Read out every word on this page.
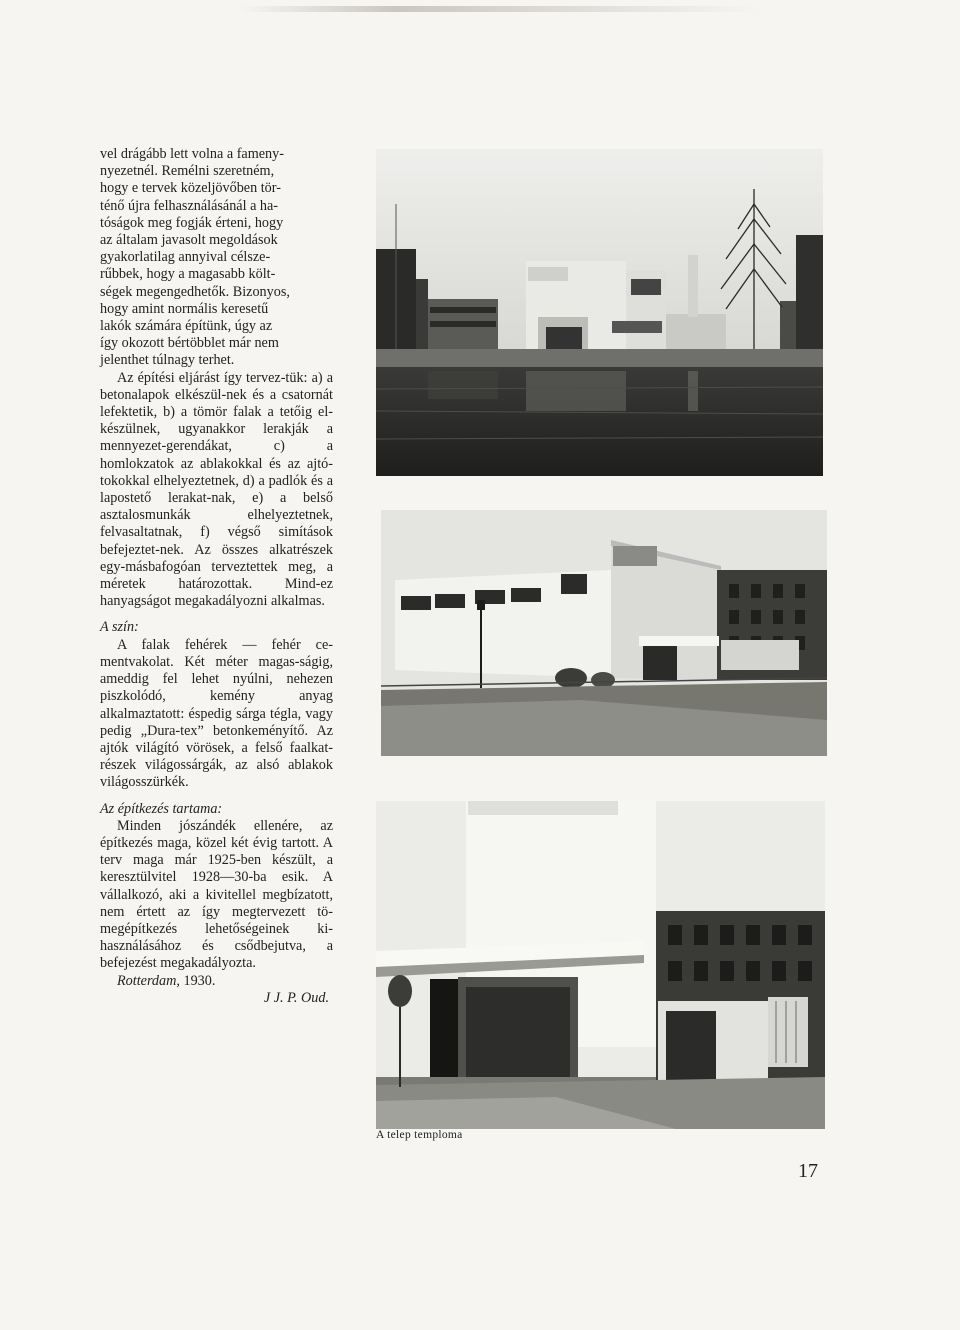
vel drágább lett volna a fameny-
nyezetnél. Remélni szeretném,
hogy e tervek közeljövőben tör-
ténő újra felhasználásánál a ha-
tóságok meg fogják érteni, hogy
az általam javasolt megoldások
gyakorlatilag annyival célsze-
rűbbek, hogy a magasabb költ-
ségek megengedhetők. Bizonyos,
hogy amint normális keresetű
lakók számára építünk, úgy az
így okozott bértöbblet már nem
jelenthet túlnagy terhet.

Az építési eljárást így tervez-tük: a) a betonalapok elkészül-nek és a csatornát lefektetik, b) a tömör falak a tetőig el-készülnek, ugyanakkor lerakják a mennyezet-gerendákat, c) a homlokzatok az ablakokkal és az ajtó-tokokkal elhelyeztetnek, d) a padlók és a lapostető lerakat-nak, e) a belső asztalosmunkák elhelyeztetnek, felvasaltatnak, f) végső simítások befejeztet-nek. Az összes alkatrészek egy-másbafogóan terveztettek meg, a méretek határozottak. Mind-ez hanyagságot megakadályozni alkalmas.

A szín:

A falak fehérek — fehér ce-mentvakolat. Két méter magas-ságig, ameddig fel lehet nyúlni, nehezen piszkolódó, kemény anyag alkalmaztatott: éspedig sárga tégla, vagy pedig „Dura-tex” betonkeményítő. Az ajtók világító vörösek, a felső faalkat-részek világossárgák, az alsó ablakok világosszürkék.

Az építkezés tartama:

Minden jószándék ellenére, az építkezés maga, közel két évig tartott. A terv maga már 1925-ben készült, a keresztülvitel 1928—30-ba esik. A vállalkozó, aki a kivitellel megbízatott, nem értett az így megtervezett tö-megépítkezés lehetőségeinek ki-használásához és csődbejutva, a befejezést megakadályozta.

Rotterdam, 1930.

J J. P. Oud.

A telep temploma
17
